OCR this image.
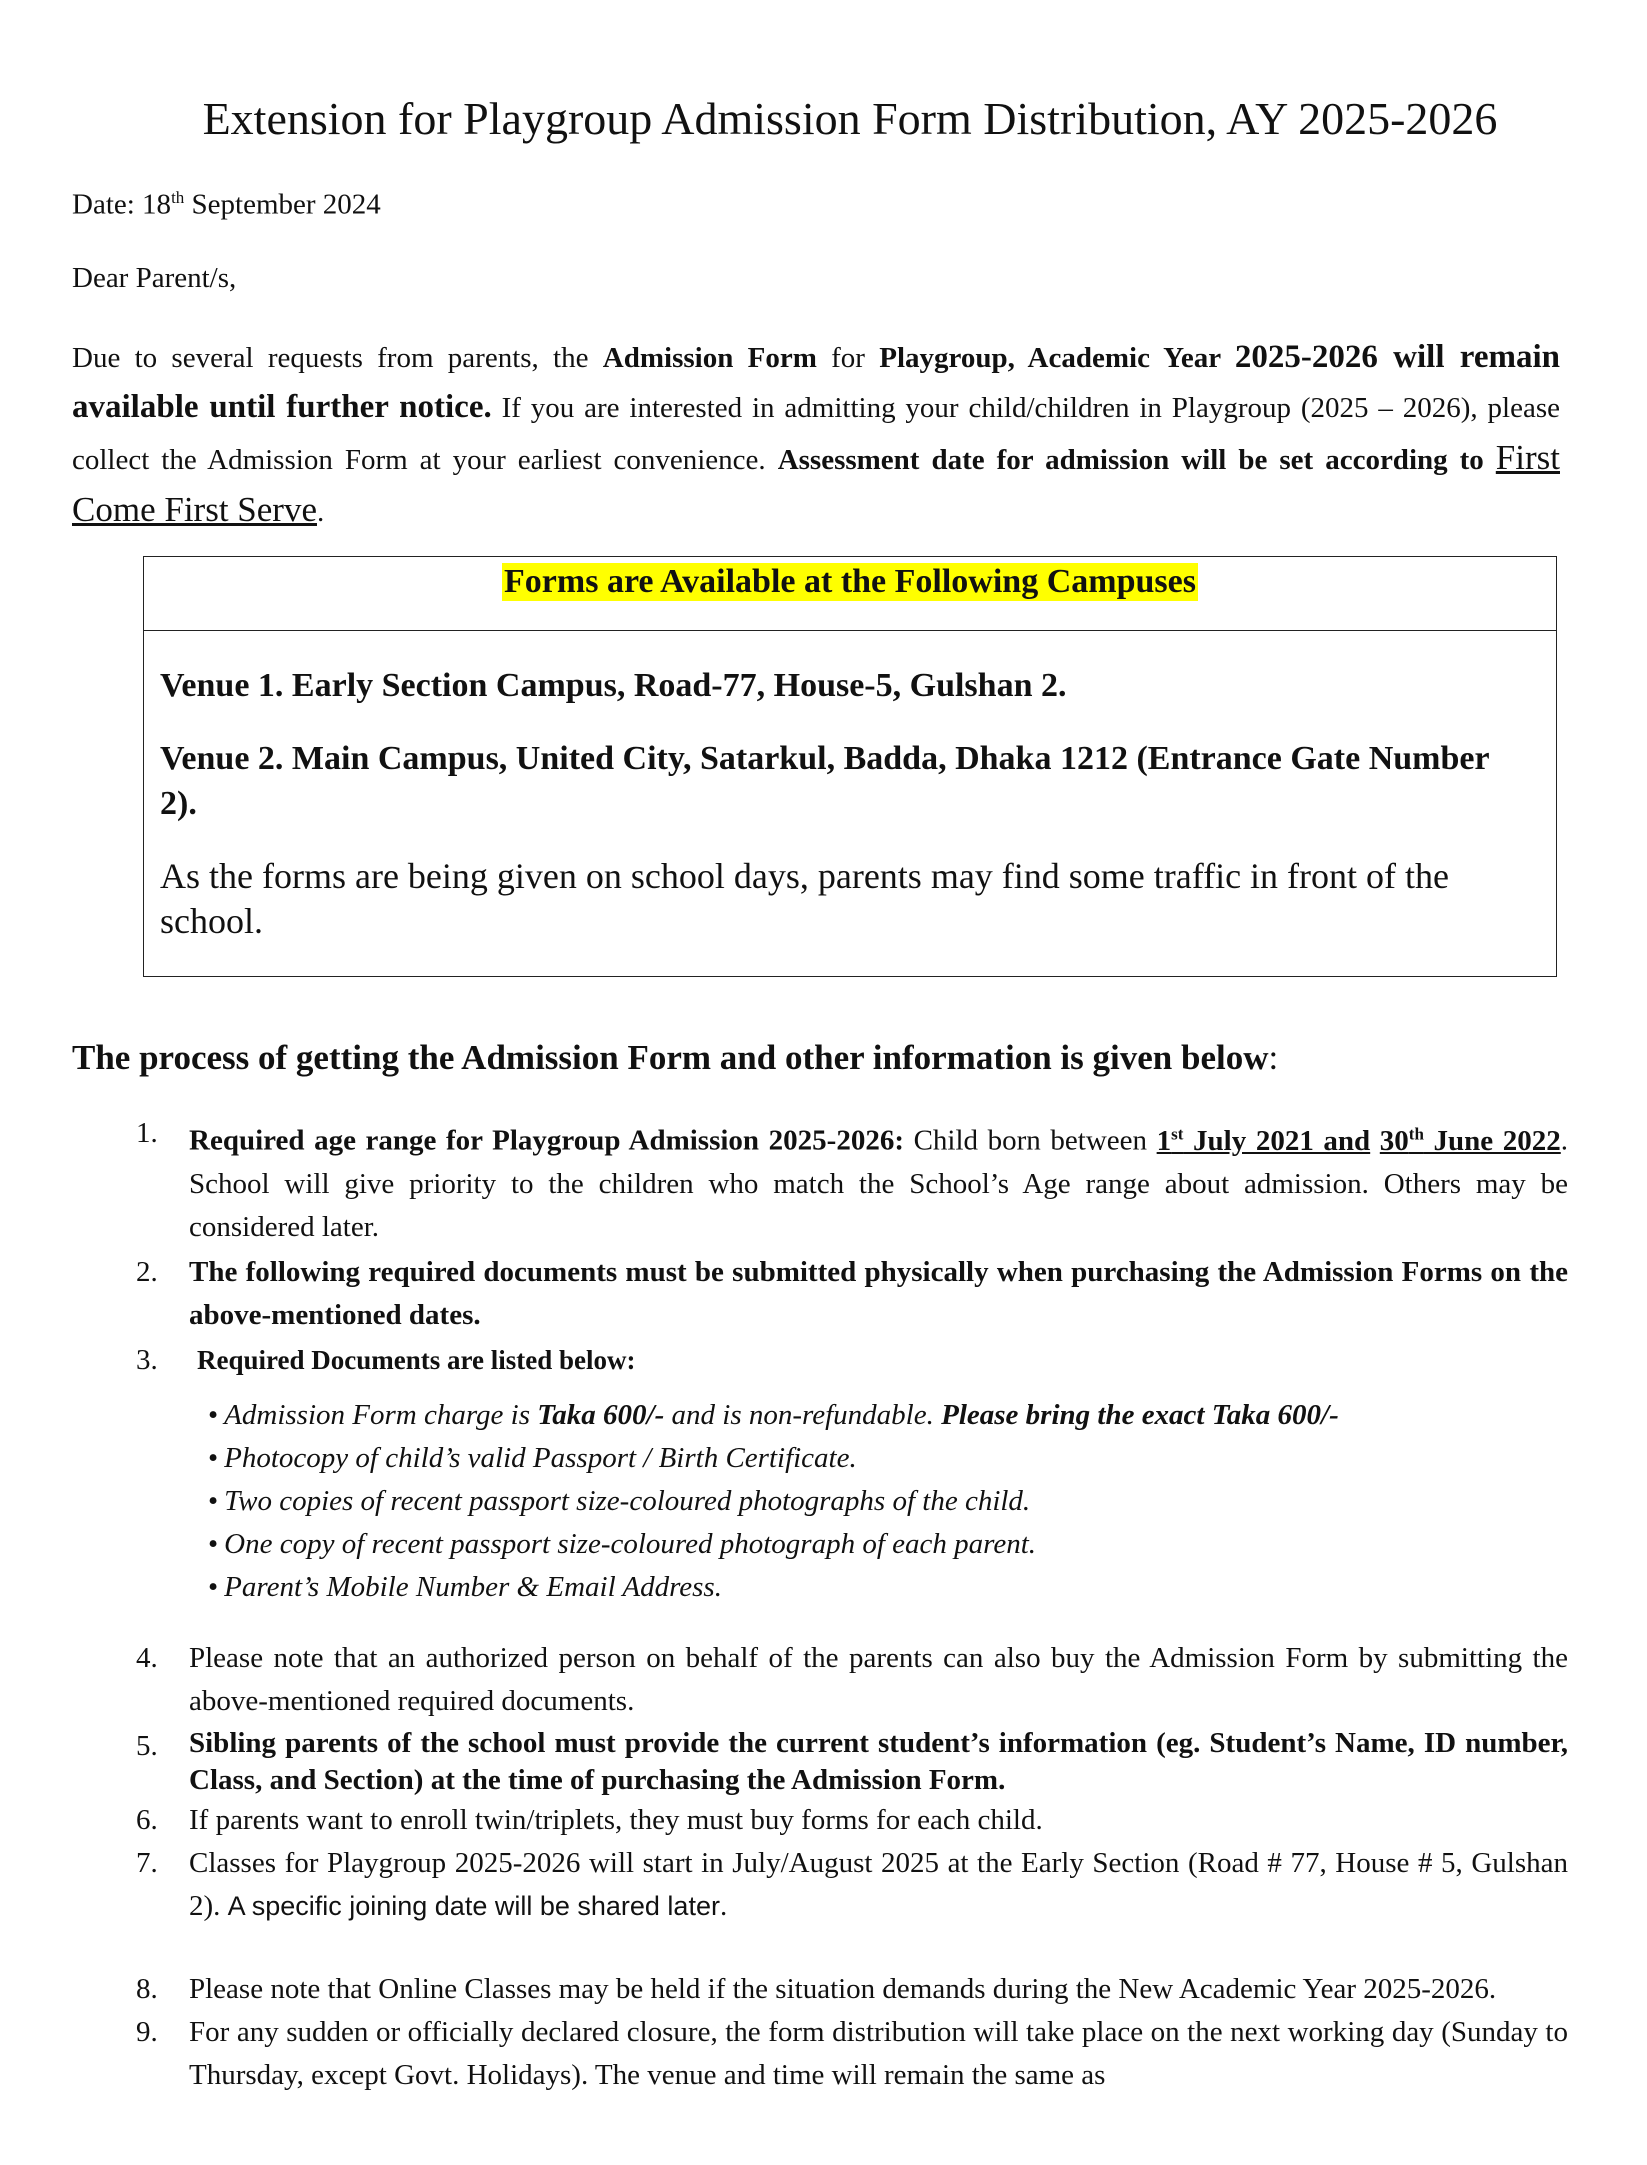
Extension for Playgroup Admission Form Distribution, AY 2025-2026
Date: 18th September 2024
Dear Parent/s,
Due to several requests from parents, the Admission Form for Playgroup, Academic Year 2025-2026 will remain available until further notice. If you are interested in admitting your child/children in Playgroup (2025 – 2026), please collect the Admission Form at your earliest convenience. Assessment date for admission will be set according to First Come First Serve.
Forms are Available at the Following Campuses
Venue 1. Early Section Campus, Road-77, House-5, Gulshan 2.
Venue 2. Main Campus, United City, Satarkul, Badda, Dhaka 1212 (Entrance Gate Number 2).
As the forms are being given on school days, parents may find some traffic in front of the school.
The process of getting the Admission Form and other information is given below:
1.	Required age range for Playgroup Admission 2025-2026: Child born between 1st July 2021 and 30th June 2022. School will give priority to the children who match the School’s Age range about admission. Others may be considered later.
2.	The following required documents must be submitted physically when purchasing the Admission Forms on the above-mentioned dates.
3.	Required Documents are listed below:
• Admission Form charge is Taka 600/- and is non-refundable. Please bring the exact Taka 600/-
• Photocopy of child’s valid Passport / Birth Certificate.
• Two copies of recent passport size-coloured photographs of the child.
• One copy of recent passport size-coloured photograph of each parent.
• Parent’s Mobile Number & Email Address.
4.	Please note that an authorized person on behalf of the parents can also buy the Admission Form by submitting the above-mentioned required documents.
5.	Sibling parents of the school must provide the current student’s information (eg. Student’s Name, ID number, Class, and Section) at the time of purchasing the Admission Form.
6.	If parents want to enroll twin/triplets, they must buy forms for each child.
7.	Classes for Playgroup 2025-2026 will start in July/August 2025 at the Early Section (Road # 77, House # 5, Gulshan 2). A specific joining date will be shared later.
8.	Please note that Online Classes may be held if the situation demands during the New Academic Year 2025-2026.
9.	For any sudden or officially declared closure, the form distribution will take place on the next working day (Sunday to Thursday, except Govt. Holidays). The venue and time will remain the same as
